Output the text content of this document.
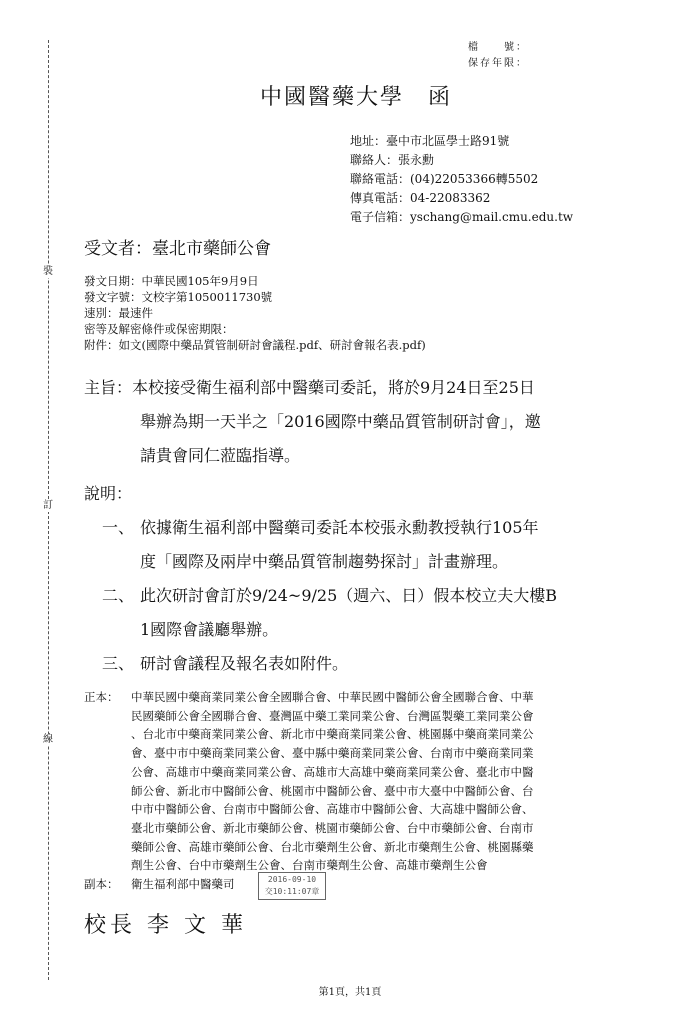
裝
訂
線
檔　　號：
保存年限：
中國醫藥大學　函
地址：臺中市北區學士路91號
聯絡人：張永勳
聯絡電話：(04)22053366轉5502
傳真電話：04-22083362
電子信箱：yschang@mail.cmu.edu.tw
受文者：臺北市藥師公會
發文日期：中華民國105年9月9日
發文字號：文校字第1050011730號
速別：最速件
密等及解密條件或保密期限：
附件：如文(國際中藥品質管制研討會議程.pdf、研討會報名表.pdf)
主旨：本校接受衛生福利部中醫藥司委託，將於9月24日至25日
舉辦為期一天半之「2016國際中藥品質管制研討會」，邀
請貴會同仁蒞臨指導。
說明：
一、 依據衛生福利部中醫藥司委託本校張永勳教授執行105年
度「國際及兩岸中藥品質管制趨勢探討」計畫辦理。
二、 此次研討會訂於9/24~9/25（週六、日）假本校立夫大樓B
1國際會議廳舉辦。
三、 研討會議程及報名表如附件。
正本： 中華民國中藥商業同業公會全國聯合會、中華民國中醫師公會全國聯合會、中華
民國藥師公會全國聯合會、臺灣區中藥工業同業公會、台灣區製藥工業同業公會
、台北市中藥商業同業公會、新北市中藥商業同業公會、桃園縣中藥商業同業公
會、臺中市中藥商業同業公會、臺中縣中藥商業同業公會、台南市中藥商業同業
公會、高雄市中藥商業同業公會、高雄市大高雄中藥商業同業公會、臺北市中醫
師公會、新北市中醫師公會、桃園市中醫師公會、臺中市大臺中中醫師公會、台
中市中醫師公會、台南市中醫師公會、高雄市中醫師公會、大高雄中醫師公會、
臺北市藥師公會、新北市藥師公會、桃園市藥師公會、台中市藥師公會、台南市
藥師公會、高雄市藥師公會、台北市藥劑生公會、新北市藥劑生公會、桃園縣藥
劑生公會、台中市藥劑生公會、台南市藥劑生公會、高雄市藥劑生公會
副本： 衛生福利部中醫藥司	2016-09-10
交10:11:07章
校長 李 文 華
第1頁，共1頁
